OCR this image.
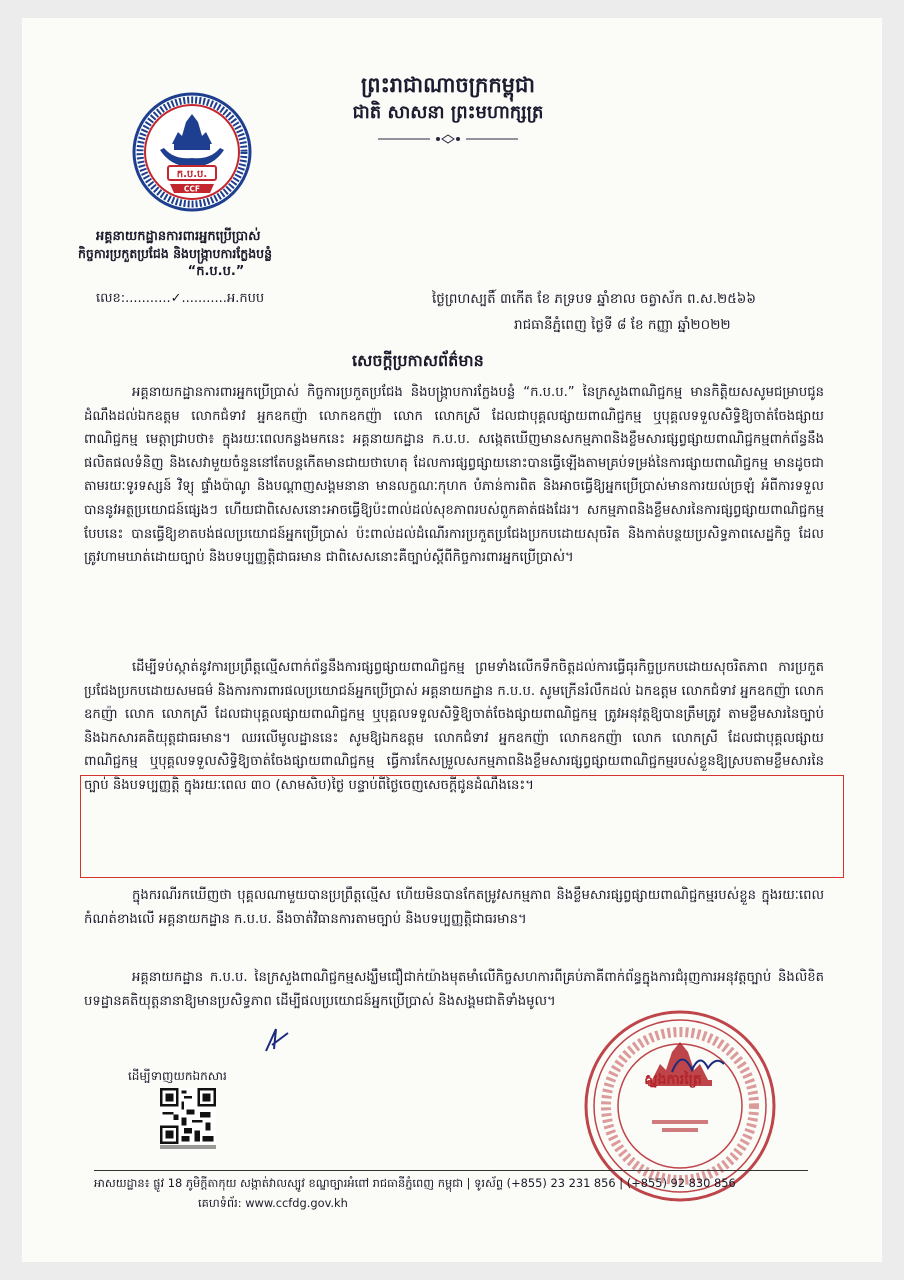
ព្រះរាជាណាចក្រកម្ពុជា
ជាតិ សាសនា ព្រះមហាក្សត្រ
ក.ប.ប.
CCF
អគ្គនាយកដ្ឋានការពារអ្នកប្រើប្រាស់
កិច្ចការប្រកួតប្រជែង និងបង្ក្រាបការក្លែងបន្លំ
“ក.ប.ប.”
លេខ:...........✓...........អ.កបប	ថ្ងៃព្រហស្បតិ៍ ៣កើត ខែ ភទ្របទ ឆ្នាំខាល ចត្វាស័ក ព.ស.២៥៦៦
រាជធានីភ្នំពេញ ថ្ងៃទី ៨ ខែ កញ្ញា ឆ្នាំ២០២២
សេចក្តីប្រកាសព័ត៌មាន
អគ្គនាយកដ្ឋានការពារអ្នកប្រើប្រាស់ កិច្ចការប្រកួតប្រជែង និងបង្ក្រាបការក្លែងបន្លំ “ក.ប.ប.” នៃក្រសួងពាណិជ្ជកម្ម មានកិត្តិយសសូមជម្រាបជូនដំណឹងដល់ឯកឧត្តម លោកជំទាវ អ្នកឧកញ៉ា លោកឧកញ៉ា លោក លោកស្រី ដែលជាបុគ្គលផ្សាយពាណិជ្ជកម្ម ឬបុគ្គលទទួលសិទ្ធិឱ្យចាត់ចែងផ្សាយពាណិជ្ជកម្ម មេត្តាជ្រាបថា៖ ក្នុងរយៈពេលកន្លងមកនេះ អគ្គនាយកដ្ឋាន ក.ប.ប. សង្កេតឃើញមានសកម្មភាពនិងខ្លឹមសារផ្សព្វផ្សាយពាណិជ្ជកម្មពាក់ព័ន្ធនឹងផលិតផលទំនិញ និងសេវាមួយចំនួននៅតែបន្តកើតមានជាយថាហេតុ ដែលការផ្សព្វផ្សាយនោះបានធ្វើឡើងតាមគ្រប់ទម្រង់នៃការផ្សាយពាណិជ្ជកម្ម មានដូចជាតាមរយៈទូរទស្សន៍ វិទ្យុ ផ្ទាំងប៉ាណូ និងបណ្តាញសង្គមនានា មានលក្ខណៈកុហក បំភាន់ការពិត និងអាចធ្វើឱ្យអ្នកប្រើប្រាស់មានការយល់ច្រឡំ អំពីការទទួលបាននូវអត្ថប្រយោជន៍ផ្សេងៗ ហើយជាពិសេសនោះអាចធ្វើឱ្យប៉ះពាល់ដល់សុខភាពរបស់ពួកគាត់ផងដែរ។ សកម្មភាពនិងខ្លឹមសារនៃការផ្សព្វផ្សាយពាណិជ្ជកម្មបែបនេះ បានធ្វើឱ្យខាតបង់ផលប្រយោជន៍អ្នកប្រើប្រាស់ ប៉ះពាល់ដល់ដំណើរការប្រកួតប្រជែងប្រកបដោយសុចរិត និងកាត់បន្ថយប្រសិទ្ធភាពសេដ្ឋកិច្ច ដែលត្រូវហាមឃាត់ដោយច្បាប់ និងបទប្បញ្ញត្តិជាធរមាន ជាពិសេសនោះគឺច្បាប់ស្តីពីកិច្ចការពារអ្នកប្រើប្រាស់។
ដើម្បីទប់ស្កាត់នូវការប្រព្រឹត្តល្មើសពាក់ព័ន្ធនឹងការផ្សព្វផ្សាយពាណិជ្ជកម្ម ព្រមទាំងលើកទឹកចិត្តដល់ការធ្វើធុរកិច្ចប្រកបដោយសុចរិតភាព ការប្រកួតប្រជែងប្រកបដោយសមធម៌ និងការការពារផលប្រយោជន៍អ្នកប្រើប្រាស់ អគ្គនាយកដ្ឋាន ក.ប.ប. សូមក្រើនរំលឹកដល់ ឯកឧត្តម លោកជំទាវ អ្នកឧកញ៉ា លោកឧកញ៉ា លោក លោកស្រី ដែលជាបុគ្គលផ្សាយពាណិជ្ជកម្ម ឬបុគ្គលទទួលសិទ្ធិឱ្យចាត់ចែងផ្សាយពាណិជ្ជកម្ម ត្រូវអនុវត្តឱ្យបានត្រឹមត្រូវ តាមខ្លឹមសារនៃច្បាប់ និងឯកសារគតិយុត្តជាធរមាន។ ឈរលើមូលដ្ឋាននេះ សូមឱ្យឯកឧត្តម លោកជំទាវ អ្នកឧកញ៉ា លោកឧកញ៉ា លោក លោកស្រី ដែលជាបុគ្គលផ្សាយពាណិជ្ជកម្ម ឬបុគ្គលទទួលសិទ្ធិឱ្យចាត់ចែងផ្សាយពាណិជ្ជកម្ម ធ្វើការកែសម្រួលសកម្មភាពនិងខ្លឹមសារផ្សព្វផ្សាយពាណិជ្ជកម្មរបស់ខ្លួនឱ្យស្របតាមខ្លឹមសារនៃច្បាប់ និងបទប្បញ្ញត្តិ ក្នុងរយៈពេល ៣០ (សាមសិប)ថ្ងៃ បន្ទាប់ពីថ្ងៃចេញសេចក្តីជូនដំណឹងនេះ។
ក្នុងករណីរកឃើញថា បុគ្គលណាមួយបានប្រព្រឹត្តល្មើស ហើយមិនបានកែតម្រូវសកម្មភាព និងខ្លឹមសារផ្សព្វផ្សាយពាណិជ្ជកម្មរបស់ខ្លួន ក្នុងរយៈពេលកំណត់ខាងលើ អគ្គនាយកដ្ឋាន ក.ប.ប. នឹងចាត់វិធានការតាមច្បាប់ និងបទប្បញ្ញត្តិជាធរមាន។
អគ្គនាយកដ្ឋាន ក.ប.ប. នៃក្រសួងពាណិជ្ជកម្មសង្ឃឹមជឿជាក់យ៉ាងមុតមាំលើកិច្ចសហការពីគ្រប់ភាគីពាក់ព័ន្ធក្នុងការជំរុញការអនុវត្តច្បាប់ និងលិខិតបទដ្ឋានគតិយុត្តនានាឱ្យមានប្រសិទ្ធភាព ដើម្បីផលប្រយោជន៍អ្នកប្រើប្រាស់ និងសង្គមជាតិទាំងមូល។
ដើម្បីទាញយកឯកសារ	ស្នងការត្រៃ
អាសយដ្ឋាន៖ ផ្លូវ 18 ភូមិក្តីតាកុយ សង្កាត់វាលស្បូវ ខណ្ឌច្បារអំពៅ រាជធានីភ្នំពេញ កម្ពុជា | ទូរស័ព្ទ (+855) 23 231 856 | (+855) 92 830 856
គេហទំព័រ: www.ccfdg.gov.kh
